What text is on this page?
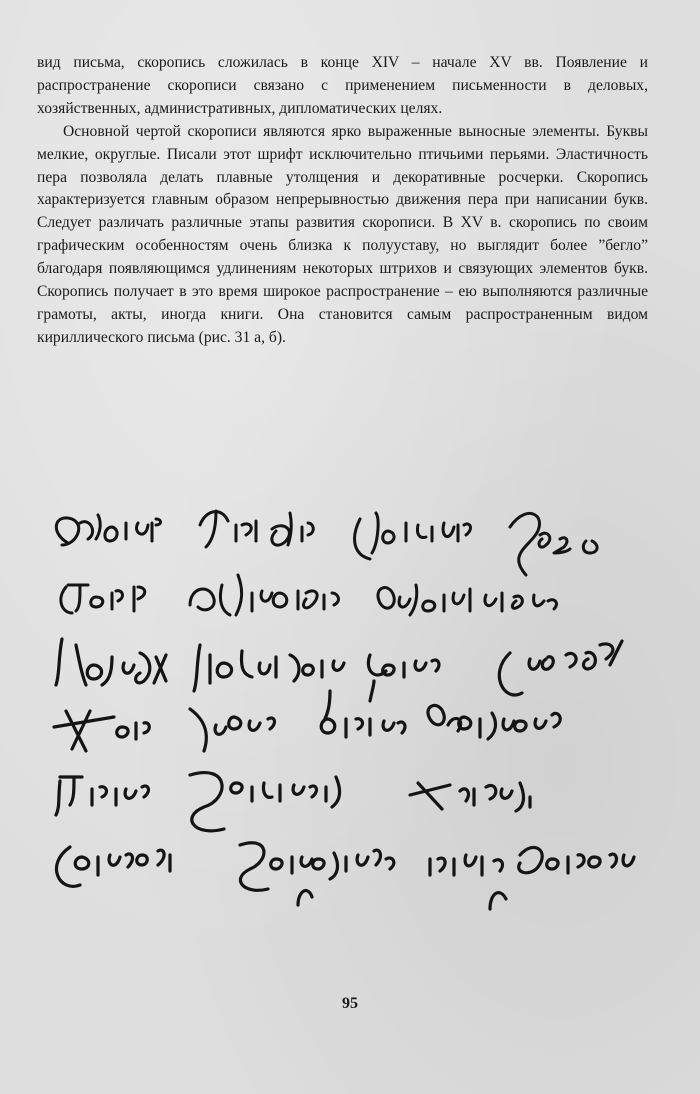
вид письма, скоропись сложилась в конце XIV – начале XV вв. Появление и распространение скорописи связано с применением письменности в деловых, хозяйственных, административных, дипломатических целях.

Основной чертой скорописи являются ярко выраженные выносные элементы. Буквы мелкие, округлые. Писали этот шрифт исключительно птичьими перьями. Эластичность пера позволяла делать плавные утолщения и декоративные росчерки. Скоропись характеризуется главным образом непрерывностью движения пера при написании букв. Следует различать различные этапы развития скорописи. В XV в. скоропись по своим графическим особенностям очень близка к полууставу, но выглядит более ”бегло” благодаря появляющимся удлинениям некоторых штрихов и связующих элементов букв. Скоропись получает в это время широкое распространение – ею выполняются различные грамоты, акты, иногда книги. Она становится самым распространенным видом кириллического письма (рис. 31 а, б).

95
